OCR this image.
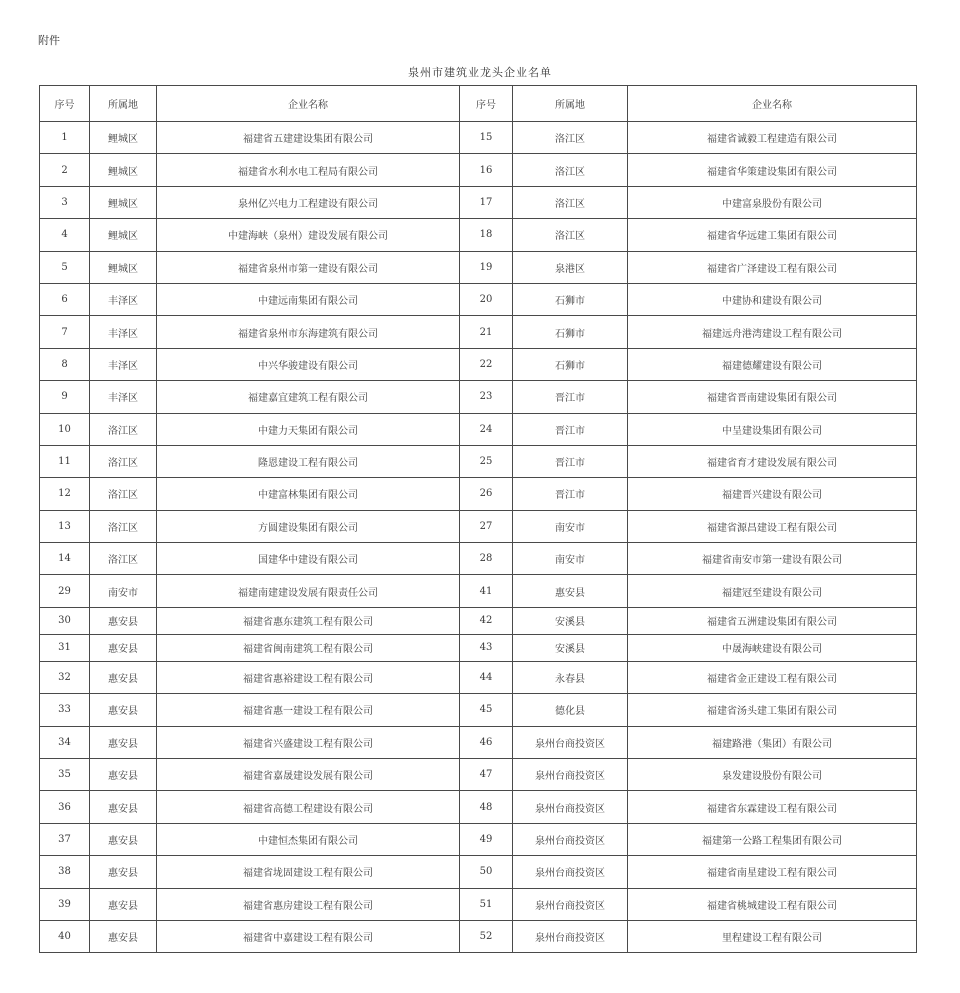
附件
泉州市建筑业龙头企业名单
序号	所属地	企业名称	序号	所属地	企业名称
1	鲤城区	福建省五建建设集团有限公司	15	洛江区	福建省诚毅工程建造有限公司
2	鲤城区	福建省水利水电工程局有限公司	16	洛江区	福建省华策建设集团有限公司
3	鲤城区	泉州亿兴电力工程建设有限公司	17	洛江区	中建富泉股份有限公司
4	鲤城区	中建海峡（泉州）建设发展有限公司	18	洛江区	福建省华远建工集团有限公司
5	鲤城区	福建省泉州市第一建设有限公司	19	泉港区	福建省广泽建设工程有限公司
6	丰泽区	中建远南集团有限公司	20	石狮市	中建协和建设有限公司
7	丰泽区	福建省泉州市东海建筑有限公司	21	石狮市	福建远舟港湾建设工程有限公司
8	丰泽区	中兴华骏建设有限公司	22	石狮市	福建德耀建设有限公司
9	丰泽区	福建嘉宜建筑工程有限公司	23	晋江市	福建省晋南建设集团有限公司
10	洛江区	中建力天集团有限公司	24	晋江市	中呈建设集团有限公司
11	洛江区	隆恩建设工程有限公司	25	晋江市	福建省育才建设发展有限公司
12	洛江区	中建富林集团有限公司	26	晋江市	福建晋兴建设有限公司
13	洛江区	方圆建设集团有限公司	27	南安市	福建省源昌建设工程有限公司
14	洛江区	国建华中建设有限公司	28	南安市	福建省南安市第一建设有限公司
29	南安市	福建南建建设发展有限责任公司	41	惠安县	福建冠至建设有限公司
30	惠安县	福建省惠东建筑工程有限公司	42	安溪县	福建省五洲建设集团有限公司
31	惠安县	福建省闽南建筑工程有限公司	43	安溪县	中晟海峡建设有限公司
32	惠安县	福建省惠裕建设工程有限公司	44	永春县	福建省金正建设工程有限公司
33	惠安县	福建省惠一建设工程有限公司	45	德化县	福建省汤头建工集团有限公司
34	惠安县	福建省兴盛建设工程有限公司	46	泉州台商投资区	福建路港（集团）有限公司
35	惠安县	福建省嘉晟建设发展有限公司	47	泉州台商投资区	泉发建设股份有限公司
36	惠安县	福建省高德工程建设有限公司	48	泉州台商投资区	福建省东霖建设工程有限公司
37	惠安县	中建恒杰集团有限公司	49	泉州台商投资区	福建第一公路工程集团有限公司
38	惠安县	福建省垅固建设工程有限公司	50	泉州台商投资区	福建省南星建设工程有限公司
39	惠安县	福建省惠房建设工程有限公司	51	泉州台商投资区	福建省桃城建设工程有限公司
40	惠安县	福建省中嘉建设工程有限公司	52	泉州台商投资区	里程建设工程有限公司
